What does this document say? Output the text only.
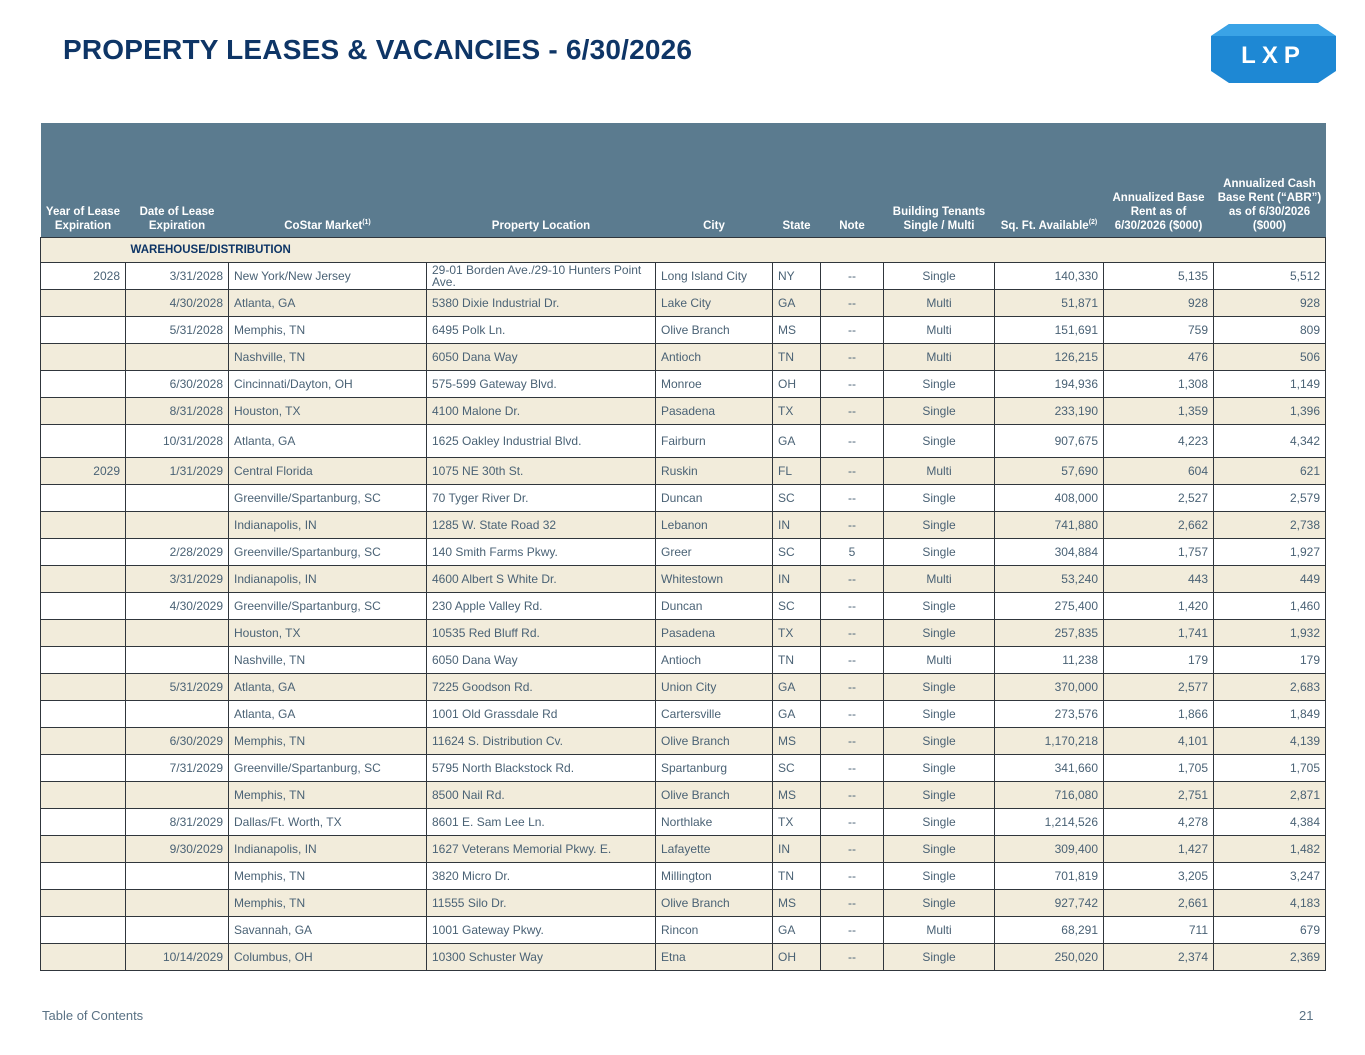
PROPERTY LEASES & VACANCIES - 6/30/2026	LXP
Year of Lease Expiration	Date of Lease Expiration	CoStar Market$^{(1)}$	Property Location	City	State	Note	Building Tenants Single / Multi	Sq. Ft. Available$^{(2)}$	Annualized Base Rent as of 6/30/2026 ($000)	Annualized Cash Base Rent (“ABR”) as of 6/30/2026 ($000)
	WAREHOUSE/DISTRIBUTION									
2028	3/31/2028	New York/New Jersey	29-01 Borden Ave./29-10 Hunters Point Ave.	Long Island City	NY	--	Single	140,330	5,135	5,512
	4/30/2028	Atlanta, GA	5380 Dixie Industrial Dr.	Lake City	GA	--	Multi	51,871	928	928
	5/31/2028	Memphis, TN	6495 Polk Ln.	Olive Branch	MS	--	Multi	151,691	759	809
		Nashville, TN	6050 Dana Way	Antioch	TN	--	Multi	126,215	476	506
	6/30/2028	Cincinnati/Dayton, OH	575-599 Gateway Blvd.	Monroe	OH	--	Single	194,936	1,308	1,149
	8/31/2028	Houston, TX	4100 Malone Dr.	Pasadena	TX	--	Single	233,190	1,359	1,396
	10/31/2028	Atlanta, GA	1625 Oakley Industrial Blvd.	Fairburn	GA	--	Single	907,675	4,223	4,342
2029	1/31/2029	Central Florida	1075 NE 30th St.	Ruskin	FL	--	Multi	57,690	604	621
		Greenville/Spartanburg, SC	70 Tyger River Dr.	Duncan	SC	--	Single	408,000	2,527	2,579
		Indianapolis, IN	1285 W. State Road 32	Lebanon	IN	--	Single	741,880	2,662	2,738
	2/28/2029	Greenville/Spartanburg, SC	140 Smith Farms Pkwy.	Greer	SC	5	Single	304,884	1,757	1,927
	3/31/2029	Indianapolis, IN	4600 Albert S White Dr.	Whitestown	IN	--	Multi	53,240	443	449
	4/30/2029	Greenville/Spartanburg, SC	230 Apple Valley Rd.	Duncan	SC	--	Single	275,400	1,420	1,460
		Houston, TX	10535 Red Bluff Rd.	Pasadena	TX	--	Single	257,835	1,741	1,932
		Nashville, TN	6050 Dana Way	Antioch	TN	--	Multi	11,238	179	179
	5/31/2029	Atlanta, GA	7225 Goodson Rd.	Union City	GA	--	Single	370,000	2,577	2,683
		Atlanta, GA	1001 Old Grassdale Rd	Cartersville	GA	--	Single	273,576	1,866	1,849
	6/30/2029	Memphis, TN	11624 S. Distribution Cv.	Olive Branch	MS	--	Single	1,170,218	4,101	4,139
	7/31/2029	Greenville/Spartanburg, SC	5795 North Blackstock Rd.	Spartanburg	SC	--	Single	341,660	1,705	1,705
		Memphis, TN	8500 Nail Rd.	Olive Branch	MS	--	Single	716,080	2,751	2,871
	8/31/2029	Dallas/Ft. Worth, TX	8601 E. Sam Lee Ln.	Northlake	TX	--	Single	1,214,526	4,278	4,384
	9/30/2029	Indianapolis, IN	1627 Veterans Memorial Pkwy. E.	Lafayette	IN	--	Single	309,400	1,427	1,482
		Memphis, TN	3820 Micro Dr.	Millington	TN	--	Single	701,819	3,205	3,247
		Memphis, TN	11555 Silo Dr.	Olive Branch	MS	--	Single	927,742	2,661	4,183
		Savannah, GA	1001 Gateway Pkwy.	Rincon	GA	--	Multi	68,291	711	679
	10/14/2029	Columbus, OH	10300 Schuster Way	Etna	OH	--	Single	250,020	2,374	2,369
Table of Contents	21
